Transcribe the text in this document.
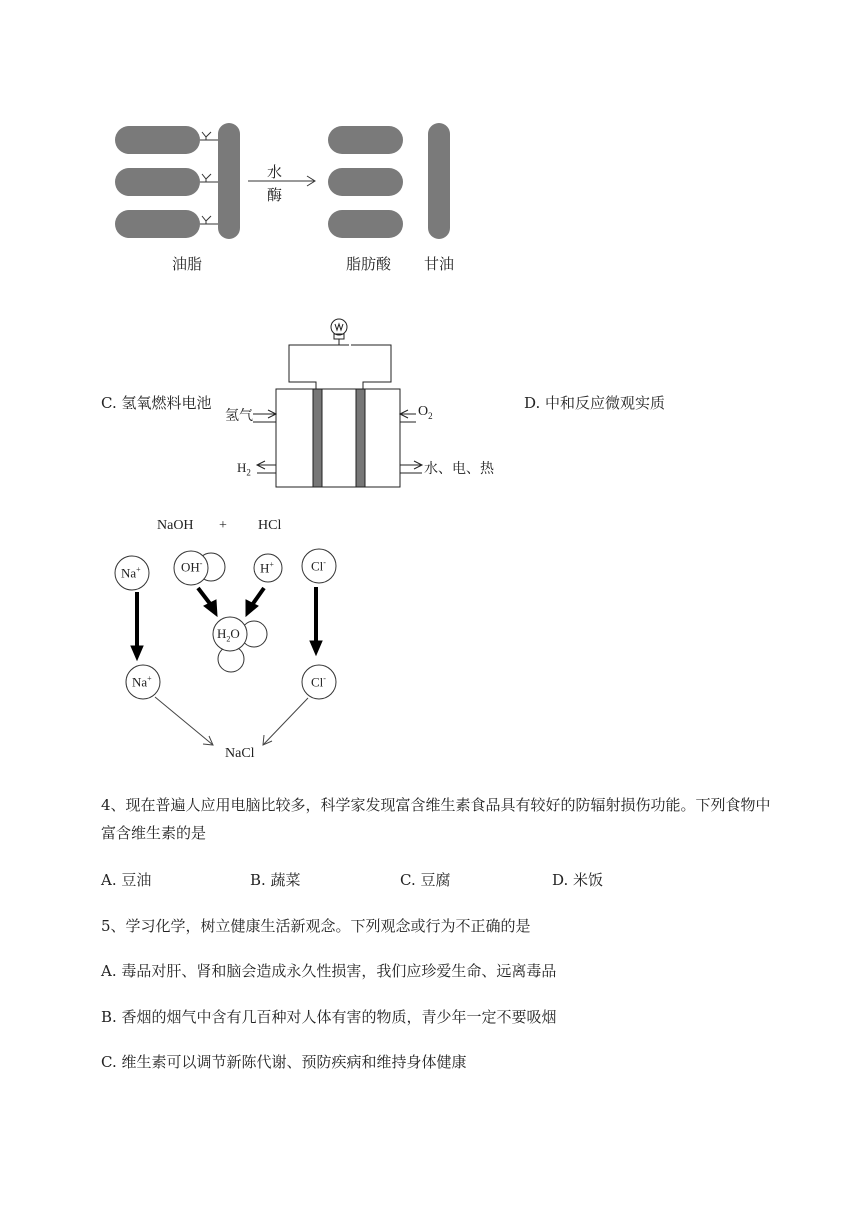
水
酶
油脂	脂肪酸 甘油
C. 氢氧燃料电池	D. 中和反应微观实质
氢气	$O_2$
$H_2$	水、电、热
NaOH + HCl
Na+	OH-	H+	Cl-
$H_2O$
Na+	Cl-
NaCl
4、现在普遍人应用电脑比较多，科学家发现富含维生素食品具有较好的防辐射损伤功能。下列食物中
富含维生素的是
A. 豆油	B. 蔬菜	C. 豆腐	D. 米饭
5、学习化学，树立健康生活新观念。下列观念或行为不正确的是
A. 毒品对肝、肾和脑会造成永久性损害，我们应珍爱生命、远离毒品
B. 香烟的烟气中含有几百种对人体有害的物质，青少年一定不要吸烟
C. 维生素可以调节新陈代谢、预防疾病和维持身体健康
